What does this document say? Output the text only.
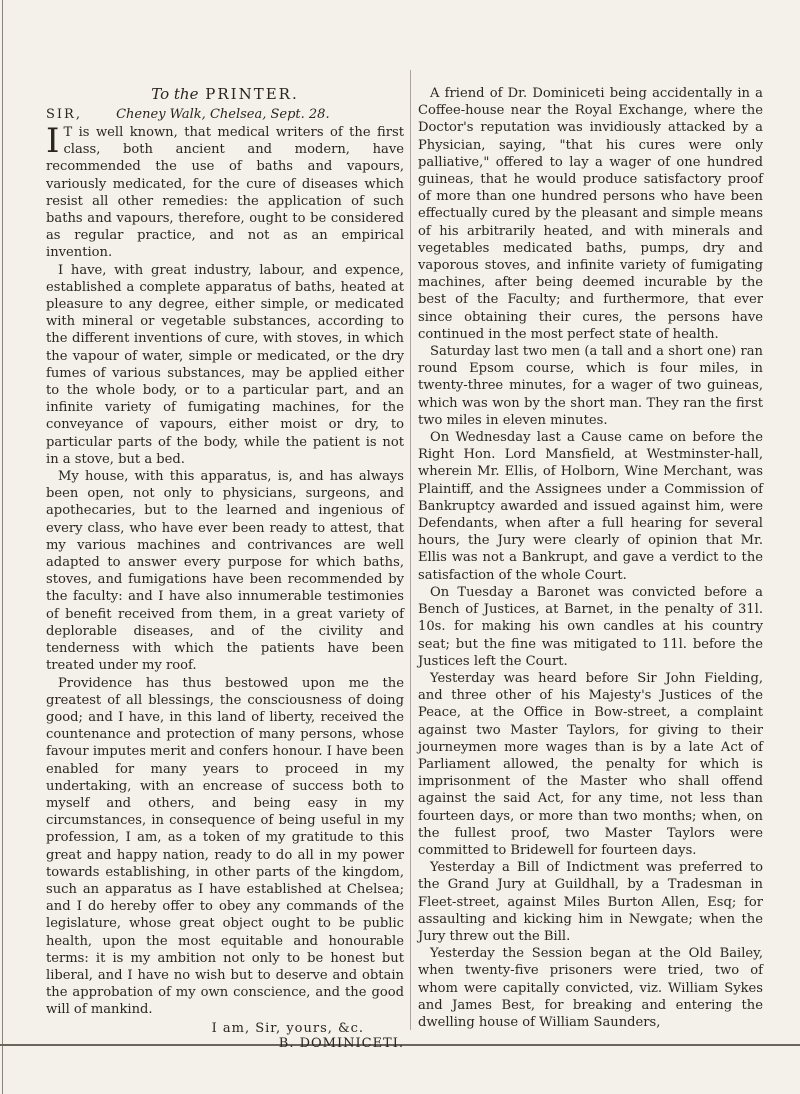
To the PRINTER.
SIR,	Cheney Walk, Chelsea, Sept. 28.

I T is well known, that medical writers of the first class, both ancient and modern, have recommended the use of baths and vapours, variously medicated, for the cure of diseases which resist all other remedies: the application of such baths and vapours, therefore, ought to be considered as regular practice, and not as an empirical invention.

I have, with great industry, labour, and expence, established a complete apparatus of baths, heated at pleasure to any degree, either simple, or medicated with mineral or vegetable substances, according to the different inventions of cure, with stoves, in which the vapour of water, simple or medicated, or the dry fumes of various substances, may be applied either to the whole body, or to a particular part, and an infinite variety of fumigating machines, for the conveyance of vapours, either moist or dry, to particular parts of the body, while the patient is not in a stove, but a bed.

My house, with this apparatus, is, and has always been open, not only to physicians, surgeons, and apothecaries, but to the learned and ingenious of every class, who have ever been ready to attest, that my various machines and contrivances are well adapted to answer every purpose for which baths, stoves, and fumigations have been recommended by the faculty: and I have also innumerable testimonies of benefit received from them, in a great variety of deplorable diseases, and of the civility and tenderness with which the patients have been treated under my roof.

Providence has thus bestowed upon me the greatest of all blessings, the consciousness of doing good; and I have, in this land of liberty, received the countenance and protection of many persons, whose favour imputes merit and confers honour. I have been enabled for many years to proceed in my undertaking, with an encrease of success both to myself and others, and being easy in my circumstances, in consequence of being useful in my profession, I am, as a token of my gratitude to this great and happy nation, ready to do all in my power towards establishing, in other parts of the kingdom, such an apparatus as I have established at Chelsea; and I do hereby offer to obey any commands of the legislature, whose great object ought to be public health, upon the most equitable and honourable terms: it is my ambition not only to be honest but liberal, and I have no wish but to deserve and obtain the approbation of my own conscience, and the good will of mankind.

I am, Sir, yours, &c.
B. DOMINICETI.

A friend of Dr. Dominiceti being accidentally in a Coffee-house near the Royal Exchange, where the Doctor's reputation was invidiously attacked by a Physician, saying, "that his cures were only palliative," offered to lay a wager of one hundred guineas, that he would produce satisfactory proof of more than one hundred persons who have been effectually cured by the pleasant and simple means of his arbitrarily heated, and with minerals and vegetables medicated baths, pumps, dry and vaporous stoves, and infinite variety of fumigating machines, after being deemed incurable by the best of the Faculty; and furthermore, that ever since obtaining their cures, the persons have continued in the most perfect state of health.

Saturday last two men (a tall and a short one) ran round Epsom course, which is four miles, in twenty-three minutes, for a wager of two guineas, which was won by the short man. They ran the first two miles in eleven minutes.

On Wednesday last a Cause came on before the Right Hon. Lord Mansfield, at Westminster-hall, wherein Mr. Ellis, of Holborn, Wine Merchant, was Plaintiff, and the Assignees under a Commission of Bankruptcy awarded and issued against him, were Defendants, when after a full hearing for several hours, the Jury were clearly of opinion that Mr. Ellis was not a Bankrupt, and gave a verdict to the satisfaction of the whole Court.

On Tuesday a Baronet was convicted before a Bench of Justices, at Barnet, in the penalty of 31l. 10s. for making his own candles at his country seat; but the fine was mitigated to 11l. before the Justices left the Court.

Yesterday was heard before Sir John Fielding, and three other of his Majesty's Justices of the Peace, at the Office in Bow-street, a complaint against two Master Taylors, for giving to their journeymen more wages than is by a late Act of Parliament allowed, the penalty for which is imprisonment of the Master who shall offend against the said Act, for any time, not less than fourteen days, or more than two months; when, on the fullest proof, two Master Taylors were committed to Bridewell for fourteen days.

Yesterday a Bill of Indictment was preferred to the Grand Jury at Guildhall, by a Tradesman in Fleet-street, against Miles Burton Allen, Esq; for assaulting and kicking him in Newgate; when the Jury threw out the Bill.

Yesterday the Session began at the Old Bailey, when twenty-five prisoners were tried, two of whom were capitally convicted, viz. William Sykes and James Best, for breaking and entering the dwelling house of William Saunders,
